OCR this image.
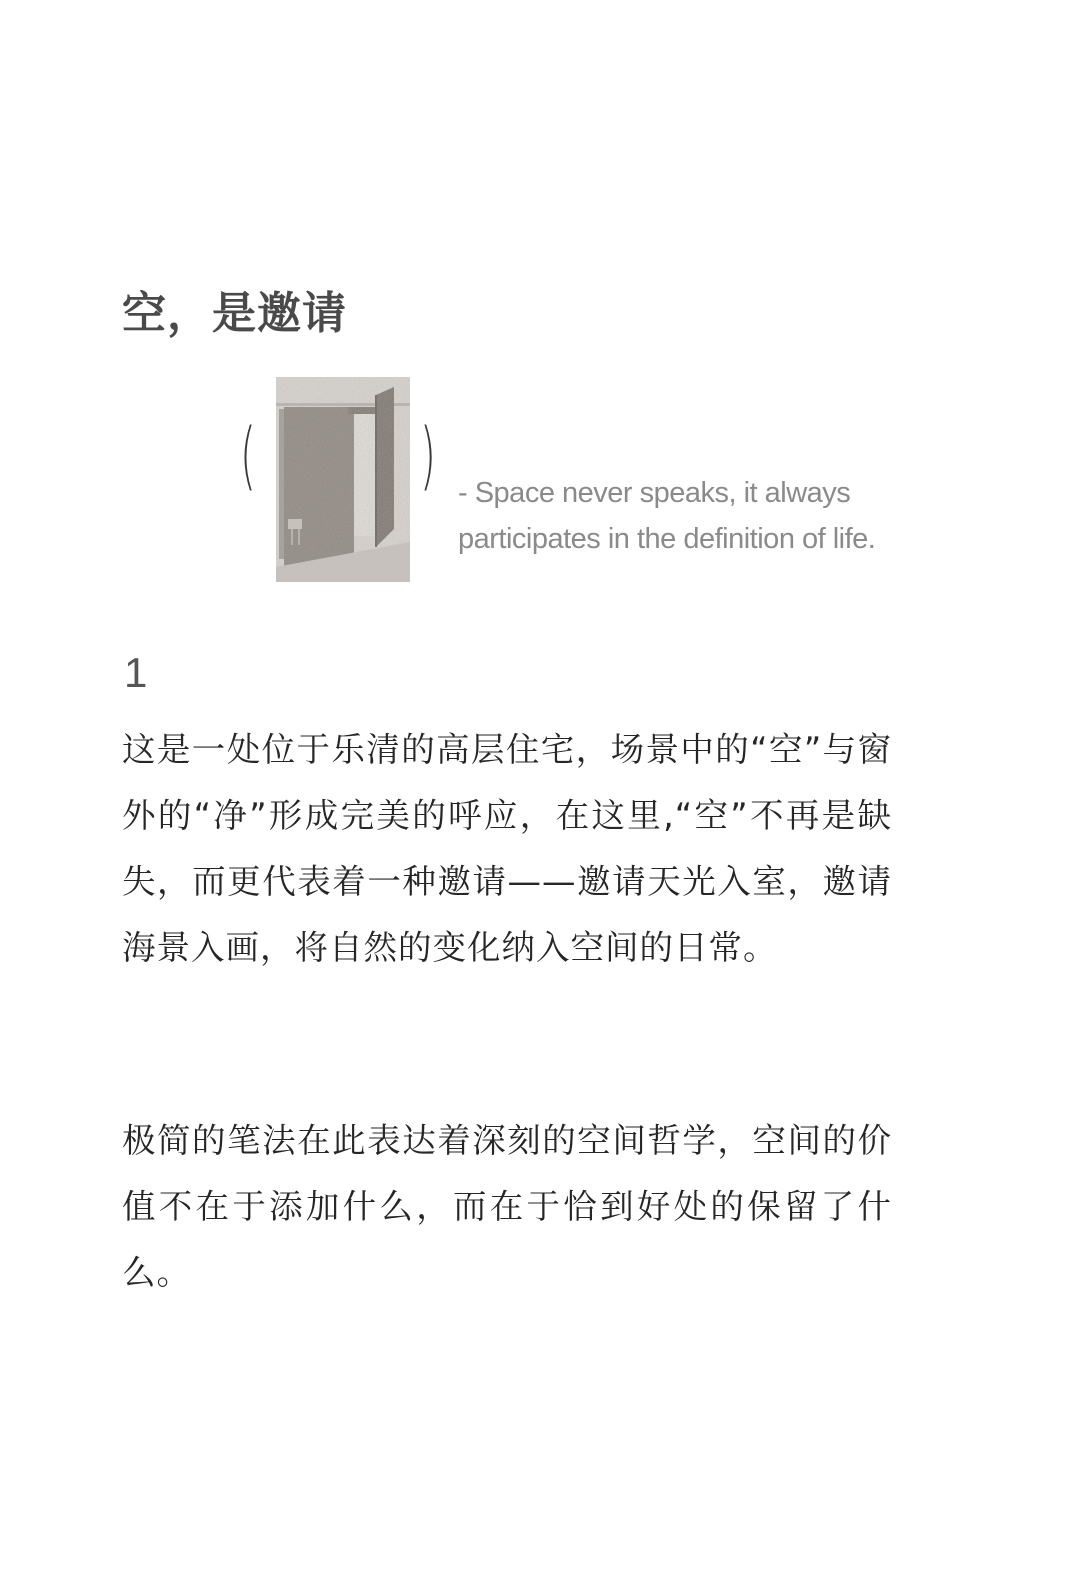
空，是邀请
( ) - Space never speaks, it always participates in the definition of life.

1

这是一处位于乐清的高层住宅，场景中的“空”与窗外的“净”形成完美的呼应，在这里,“空”不再是缺失，而更代表着一种邀请——邀请天光入室，邀请海景入画，将自然的变化纳入空间的日常。

极简的笔法在此表达着深刻的空间哲学，空间的价值不在于添加什么，而在于恰到好处的保留了什么。
